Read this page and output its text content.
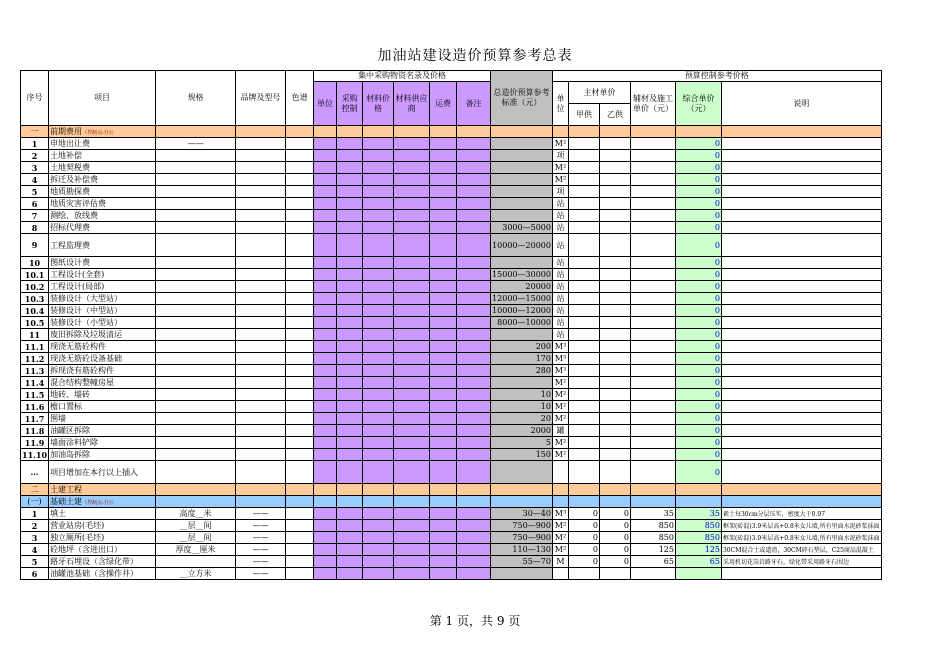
加油站建设造价预算参考总表
序号	项目	规格	品牌及型号	色谱	集中采购物资名录及价格						总造价预算参考标准（元）	预算控制参考价格					
					单位	采购控制	材料价格	材料供应商	运费	备注		单位	主材单价		辅材及施工单价（元）	综合单价（元）	说明
													甲供	乙供			
一	前期费用（控制点:分公																
1	申地出让费	——										M²				0	
2	土地补偿											项				0	
3	土地契税费											M²				0	
4	拆迁及补偿费											M²				0	
5	地质勘探费											项				0	
6	地质灾害评估费											站				0	
7	测绘、放线费											站				0	
8	招标代理费										3000—5000	站				0	
9	工程监理费										10000—20000	站				0	
10	图纸设计费											站				0	
10.1	工程设计(全套)										15000—30000	站				0	
10.2	工程设计(局部)										20000	站				0	
10.3	装修设计（大型站）										12000—15000	站				0	
10.4	装修设计（中型站）										10000—12000	站				0	
10.5	装修设计（小型站）										8000—10000	站				0	
11	废旧拆除及垃圾清运											站				0	
11.1	现浇无筋砼构件										200	M³				0	
11.2	现浇无筋砼设备基础										170	M³				0	
11.3	拆现浇有筋砼构件										280	M³				0	
11.4	混合结构整幢房屋											M²				0	
11.5	地砖、墙砖										10	M²				0	
11.6	檐口置标										10	M²				0	
11.7	围墙										20	M²				0	
11.8	油罐区拆除										2000	罐				0	
11.9	墙面涂料铲除										5	M²				0	
11.10	加油岛拆除										150	M²				0	
…	项目增加在本行以上插入															0	
二	土建工程																
(一)	基础土建（控制点:分公																
1	填土	高度__米	——								30—40	M³	0	0	35	35	素土每30cm分层压实，密度大于0.97
2	营业站房(毛坯)	__层__间	——								750—900	M²	0	0	850	850	框架(砖混)3.9米层高+0.8米女儿墙,所有里面水泥砂浆抹面
3	独立厕所(毛坯)	__层__间	——								750—900	M²	0	0	850	850	框架(砖混)3.9米层高+0.8米女儿墙,所有里面水泥砂浆抹面
4	砼地坪（含进出口）	厚度__厘米	——								110—130	M²	0	0	125	125	30CM混合土或道渣，30CM碎石垫层，C25商品混凝土
5	路牙石埋设（含绿化带）		——								55—70	M	0	0	65	65	采用机切花岗岩路牙石，绿化带采用路牙石围边
6	油罐池基础（含操作井）	__立方米	——														
第 1 页，共 9 页
